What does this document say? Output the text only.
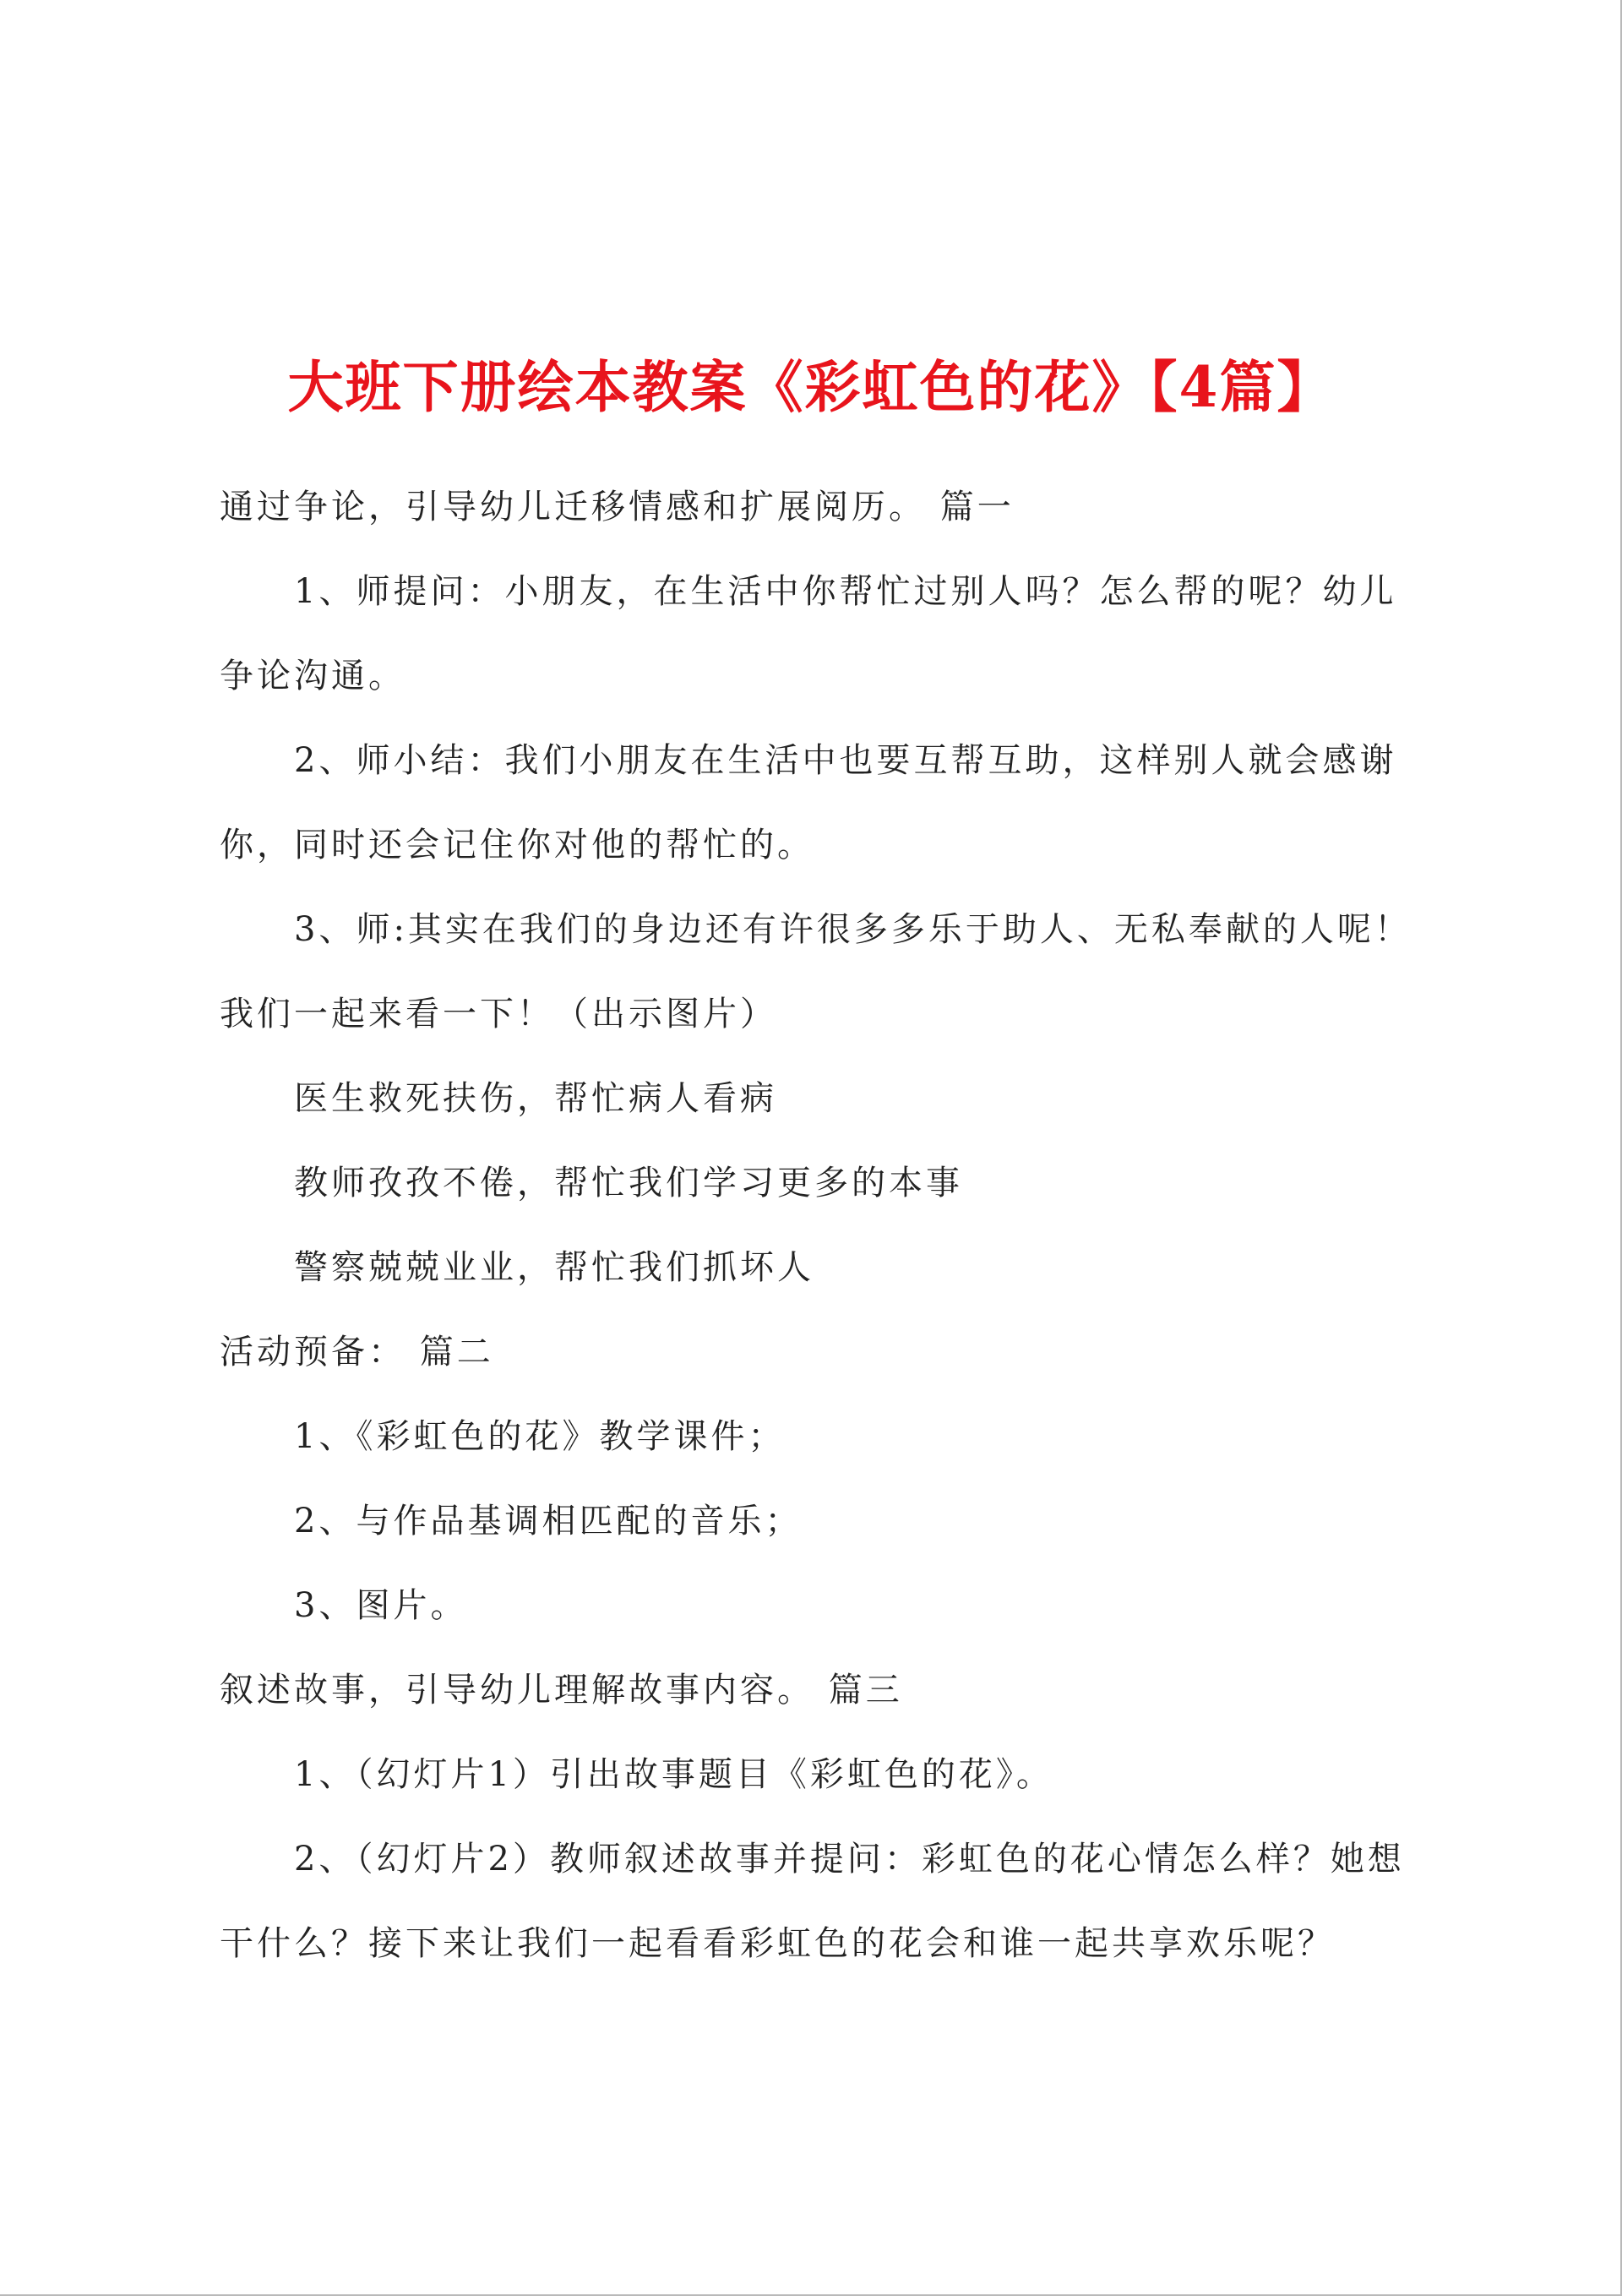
大班下册绘本教案《彩虹色的花》【4篇】

通过争论，引导幼儿迁移情感和扩展阅历。 篇一

1、师提问：小朋友，在生活中你帮忙过别人吗？怎么帮的呢？幼儿

争论沟通。

2、师小结：我们小朋友在生活中也要互帮互助，这样别人就会感谢

你，同时还会记住你对他的帮忙的。

3、师:其实在我们的身边还有许很多多乐于助人、无私奉献的人呢！

我们一起来看一下！（出示图片）

医生救死扶伤，帮忙病人看病

教师孜孜不倦，帮忙我们学习更多的本事

警察兢兢业业，帮忙我们抓坏人

活动预备： 篇二

1、《彩虹色的花》教学课件；

2、与作品基调相匹配的音乐；

3、图片。

叙述故事，引导幼儿理解故事内容。 篇三

1、（幻灯片1）引出故事题目《彩虹色的花》。

2、（幻灯片2）教师叙述故事并提问：彩虹色的花心情怎么样？她想

干什么？接下来让我们一起看看彩虹色的花会和谁一起共享欢乐呢？
